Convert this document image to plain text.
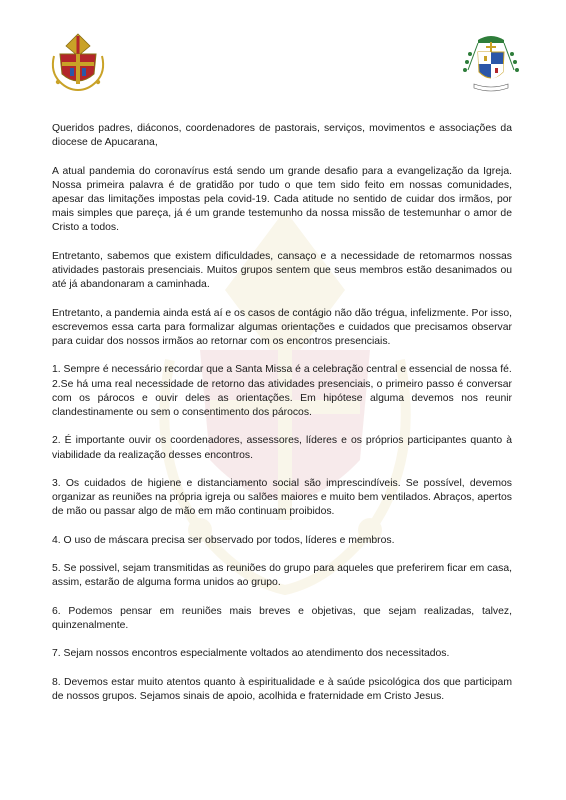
Queridos padres, diáconos, coordenadores de pastorais, serviços, movimentos e associações da diocese de Apucarana,

A atual pandemia do coronavírus está sendo um grande desafio para a evangelização da Igreja. Nossa primeira palavra é de gratidão por tudo o que tem sido feito em nossas comunidades, apesar das limitações impostas pela covid-19. Cada atitude no sentido de cuidar dos irmãos, por mais simples que pareça, já é um grande testemunho da nossa missão de testemunhar o amor de Cristo a todos.

Entretanto, sabemos que existem dificuldades, cansaço e a necessidade de retomarmos nossas atividades pastorais presenciais. Muitos grupos sentem que seus membros estão desanimados ou até já abandonaram a caminhada.

Entretanto, a pandemia ainda está aí e os casos de contágio não dão trégua, infelizmente. Por isso, escrevemos essa carta para formalizar algumas orientações e cuidados que precisamos observar para cuidar dos nossos irmãos ao retornar com os encontros presenciais.

1. Sempre é necessário recordar que a Santa Missa é a celebração central e essencial de nossa fé.

2.Se há uma real necessidade de retorno das atividades presenciais, o primeiro passo é conversar com os párocos e ouvir deles as orientações. Em hipótese alguma devemos nos reunir clandestinamente ou sem o consentimento dos párocos.

2. É importante ouvir os coordenadores, assessores, líderes e os próprios participantes quanto à viabilidade da realização desses encontros.

3. Os cuidados de higiene e distanciamento social são imprescindíveis. Se possível, devemos organizar as reuniões na própria igreja ou salões maiores e muito bem ventilados. Abraços, apertos de mão ou passar algo de mão em mão continuam proibidos.

4. O uso de máscara precisa ser observado por todos, líderes e membros.

5. Se possivel, sejam transmitidas as reuniões do grupo para aqueles que preferirem ficar em casa, assim, estarão de alguma forma unidos ao grupo.

6. Podemos pensar em reuniões mais breves e objetivas, que sejam realizadas, talvez, quinzenalmente.

7. Sejam nossos encontros especialmente voltados ao atendimento dos necessitados.

8. Devemos estar muito atentos quanto à espiritualidade e à saúde psicológica dos que participam de nossos grupos. Sejamos sinais de apoio, acolhida e fraternidade em Cristo Jesus.
